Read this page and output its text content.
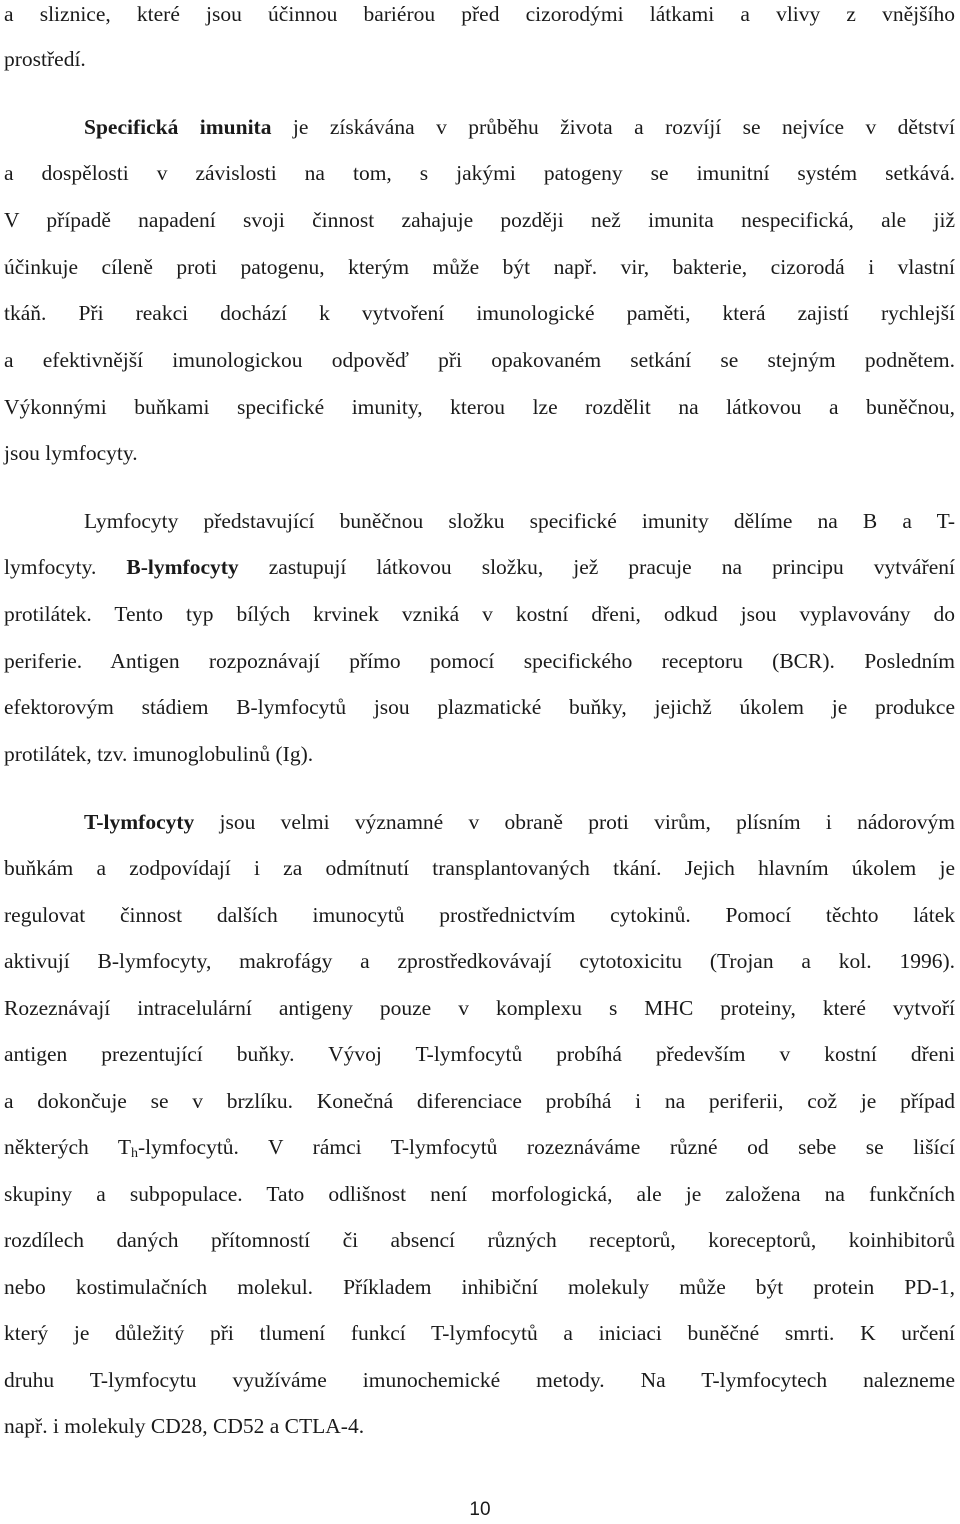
a sliznice, které jsou účinnou bariérou před cizorodými látkami a vlivy z vnějšího
prostředí.
Specifická imunita je získávána v průběhu života a rozvíjí se nejvíce v dětství
a dospělosti v závislosti na tom, s jakými patogeny se imunitní systém setkává.
V případě napadení svoji činnost zahajuje později než imunita nespecifická, ale již
účinkuje cíleně proti patogenu, kterým může být např. vir, bakterie, cizorodá i vlastní
tkáň. Při reakci dochází k vytvoření imunologické paměti, která zajistí rychlejší
a efektivnější imunologickou odpověď při opakovaném setkání se stejným podnětem.
Výkonnými buňkami specifické imunity, kterou lze rozdělit na látkovou a buněčnou,
jsou lymfocyty.
Lymfocyty představující buněčnou složku specifické imunity dělíme na B a T-
lymfocyty. B-lymfocyty zastupují látkovou složku, jež pracuje na principu vytváření
protilátek. Tento typ bílých krvinek vzniká v kostní dřeni, odkud jsou vyplavovány do
periferie. Antigen rozpoznávají přímo pomocí specifického receptoru (BCR). Posledním
efektorovým stádiem B-lymfocytů jsou plazmatické buňky, jejichž úkolem je produkce
protilátek, tzv. imunoglobulinů (Ig).
T-lymfocyty jsou velmi významné v obraně proti virům, plísním i nádorovým
buňkám a zodpovídají i za odmítnutí transplantovaných tkání. Jejich hlavním úkolem je
regulovat činnost dalších imunocytů prostřednictvím cytokinů. Pomocí těchto látek
aktivují B-lymfocyty, makrofágy a zprostředkovávají cytotoxicitu (Trojan a kol. 1996).
Rozeznávají intracelulární antigeny pouze v komplexu s MHC proteiny, které vytvoří
antigen prezentující buňky. Vývoj T-lymfocytů probíhá především v kostní dřeni
a dokončuje se v brzlíku. Konečná diferenciace probíhá i na periferii, což je případ
některých $T_h$-lymfocytů. V rámci T-lymfocytů rozeznáváme různé od sebe se lišící
skupiny a subpopulace. Tato odlišnost není morfologická, ale je založena na funkčních
rozdílech daných přítomností či absencí různých receptorů, koreceptorů, koinhibitorů
nebo kostimulačních molekul. Příkladem inhibiční molekuly může být protein PD-1,
který je důležitý při tlumení funkcí T-lymfocytů a iniciaci buněčné smrti. K určení
druhu T-lymfocytu využíváme imunochemické metody. Na T-lymfocytech nalezneme
např. i molekuly CD28, CD52 a CTLA-4.
10
